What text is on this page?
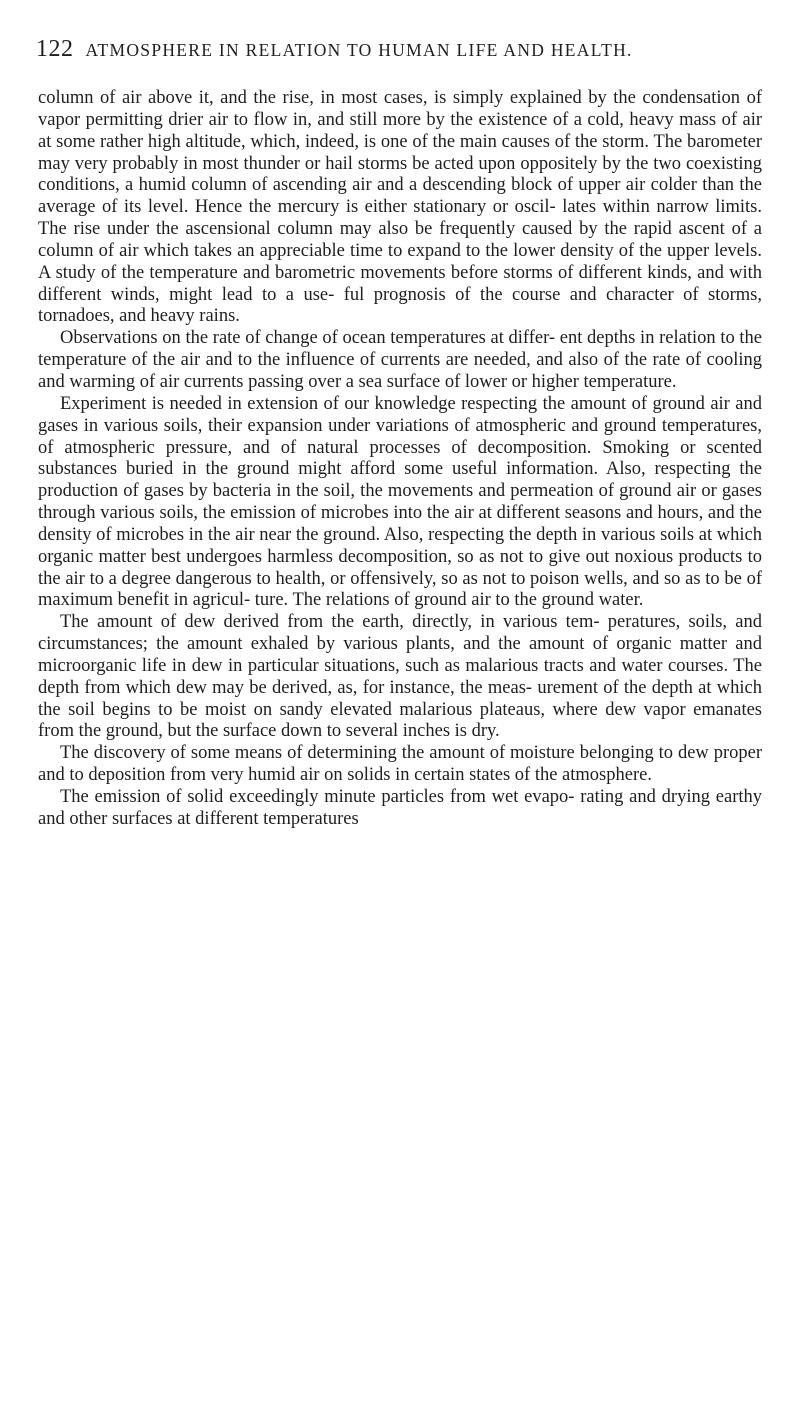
122 ATMOSPHERE IN RELATION TO HUMAN LIFE AND HEALTH.

column of air above it, and the rise, in most cases, is simply explained by the condensation of vapor permitting drier air to flow in, and still more by the existence of a cold, heavy mass of air at some rather high altitude, which, indeed, is one of the main causes of the storm. The barometer may very probably in most thunder or hail storms be acted upon oppositely by the two coexisting conditions, a humid column of ascending air and a descending block of upper air colder than the average of its level. Hence the mercury is either stationary or oscil- lates within narrow limits. The rise under the ascensional column may also be frequently caused by the rapid ascent of a column of air which takes an appreciable time to expand to the lower density of the upper levels. A study of the temperature and barometric movements before storms of different kinds, and with different winds, might lead to a use- ful prognosis of the course and character of storms, tornadoes, and heavy rains.

Observations on the rate of change of ocean temperatures at differ- ent depths in relation to the temperature of the air and to the influence of currents are needed, and also of the rate of cooling and warming of air currents passing over a sea surface of lower or higher temperature.

Experiment is needed in extension of our knowledge respecting the amount of ground air and gases in various soils, their expansion under variations of atmospheric and ground temperatures, of atmospheric pressure, and of natural processes of decomposition. Smoking or scented substances buried in the ground might afford some useful information. Also, respecting the production of gases by bacteria in the soil, the movements and permeation of ground air or gases through various soils, the emission of microbes into the air at different seasons and hours, and the density of microbes in the air near the ground. Also, respecting the depth in various soils at which organic matter best undergoes harmless decomposition, so as not to give out noxious products to the air to a degree dangerous to health, or offensively, so as not to poison wells, and so as to be of maximum benefit in agricul- ture. The relations of ground air to the ground water.

The amount of dew derived from the earth, directly, in various tem- peratures, soils, and circumstances; the amount exhaled by various plants, and the amount of organic matter and microorganic life in dew in particular situations, such as malarious tracts and water courses. The depth from which dew may be derived, as, for instance, the meas- urement of the depth at which the soil begins to be moist on sandy elevated malarious plateaus, where dew vapor emanates from the ground, but the surface down to several inches is dry.

The discovery of some means of determining the amount of moisture belonging to dew proper and to deposition from very humid air on solids in certain states of the atmosphere.

The emission of solid exceedingly minute particles from wet evapo- rating and drying earthy and other surfaces at different temperatures
